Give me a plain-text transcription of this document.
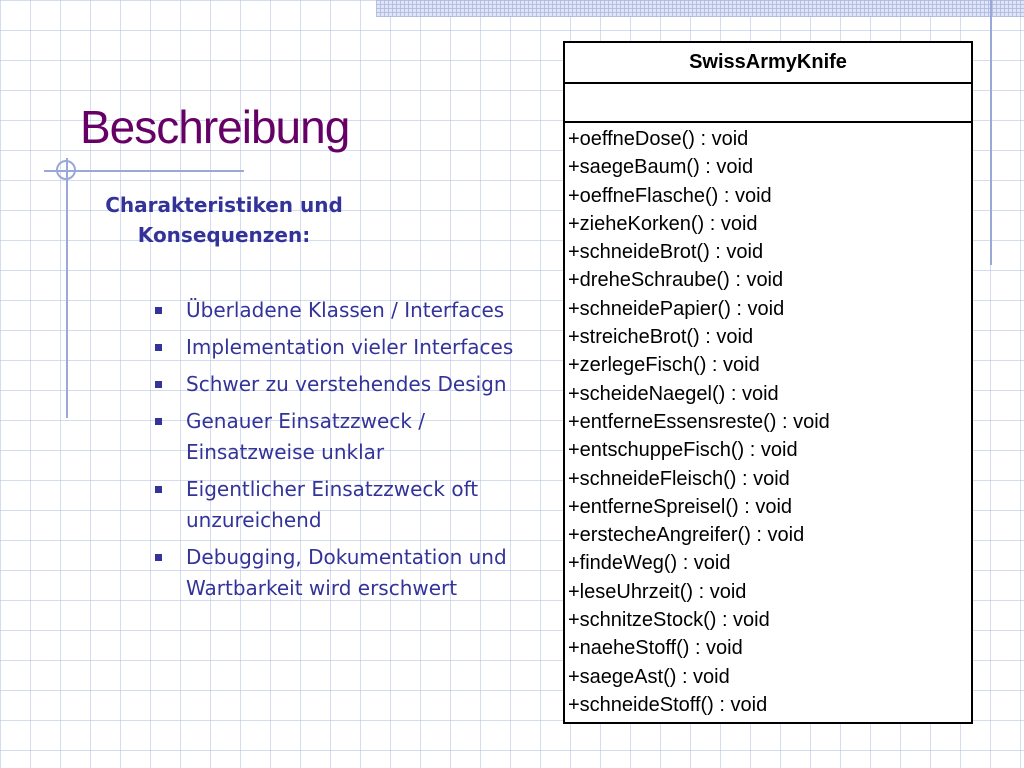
Beschreibung
Charakteristiken und Konsequenzen:
Überladene Klassen / Interfaces
Implementation vieler Interfaces
Schwer zu verstehendes Design
Genauer Einsatzzweck / Einsatzweise unklar
Eigentlicher Einsatzzweck oft unzureichend
Debugging, Dokumentation und Wartbarkeit wird erschwert
SwissArmyKnife
+oeffneDose() : void
+saegeBaum() : void
+oeffneFlasche() : void
+zieheKorken() : void
+schneideBrot() : void
+dreheSchraube() : void
+schneidePapier() : void
+streicheBrot() : void
+zerlegeFisch() : void
+scheideNaegel() : void
+entferneEssensreste() : void
+entschuppeFisch() : void
+schneideFleisch() : void
+entferneSpreisel() : void
+erstecheAngreifer() : void
+findeWeg() : void
+leseUhrzeit() : void
+schnitzeStock() : void
+naeheStoff() : void
+saegeAst() : void
+schneideStoff() : void
